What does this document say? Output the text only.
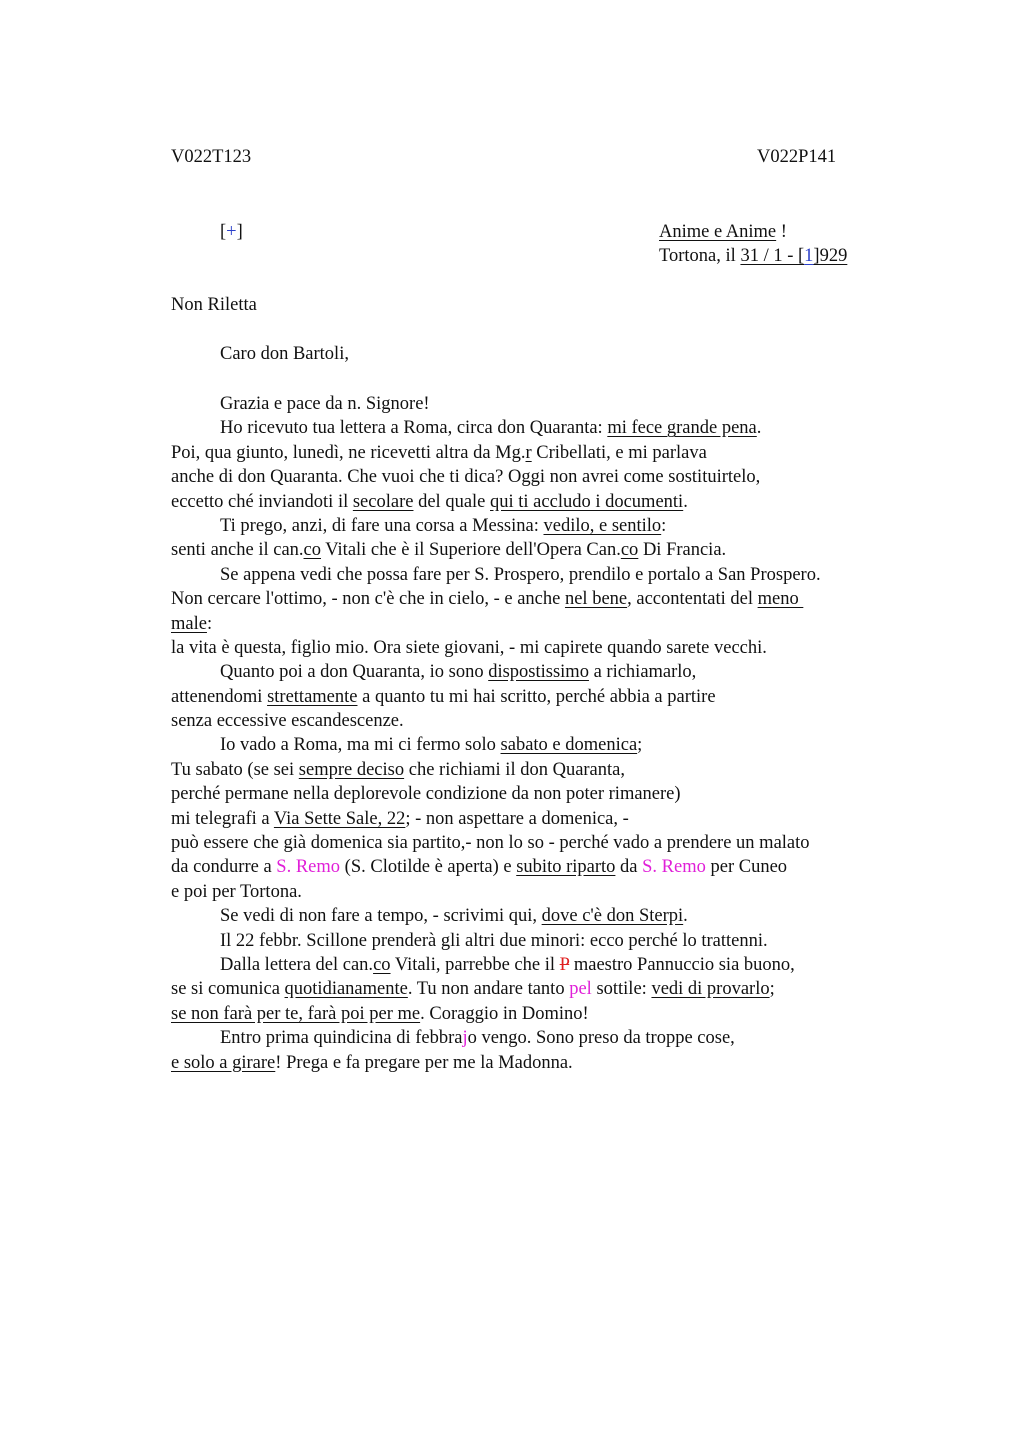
V022T123	V022P141
[+]	Anime e Anime !
Tortona, il 31 / 1 - [1]929
Non Riletta
Caro don Bartoli,
Grazia e pace da n. Signore!
Ho ricevuto tua lettera a Roma, circa don Quaranta: mi fece grande pena.
Poi, qua giunto, lunedì, ne ricevetti altra da Mg.r Cribellati, e mi parlava
anche di don Quaranta. Che vuoi che ti dica? Oggi non avrei come sostituirtelo,
eccetto ché inviandoti il secolare del quale qui ti accludo i documenti.
Ti prego, anzi, di fare una corsa a Messina: vedilo, e sentilo:
senti anche il can.co Vitali che è il Superiore dell'Opera Can.co Di Francia.
Se appena vedi che possa fare per S. Prospero, prendilo e portalo a San Prospero.
Non cercare l'ottimo, - non c'è che in cielo, - e anche nel bene, accontentati del meno
male:
la vita è questa, figlio mio. Ora siete giovani, - mi capirete quando sarete vecchi.
Quanto poi a don Quaranta, io sono dispostissimo a richiamarlo,
attenendomi strettamente a quanto tu mi hai scritto, perché abbia a partire
senza eccessive escandescenze.
Io vado a Roma, ma mi ci fermo solo sabato e domenica;
Tu sabato (se sei sempre deciso che richiami il don Quaranta,
perché permane nella deplorevole condizione da non poter rimanere)
mi telegrafi a Via Sette Sale, 22; - non aspettare a domenica, -
può essere che già domenica sia partito,- non lo so - perché vado a prendere un malato
da condurre a S. Remo (S. Clotilde è aperta) e subito riparto da S. Remo per Cuneo
e poi per Tortona.
Se vedi di non fare a tempo, - scrivimi qui, dove c'è don Sterpi.
Il 22 febbr. Scillone prenderà gli altri due minori: ecco perché lo trattenni.
Dalla lettera del can.co Vitali, parrebbe che il P maestro Pannuccio sia buono,
se si comunica quotidianamente. Tu non andare tanto pel sottile: vedi di provarlo;
se non farà per te, farà poi per me. Coraggio in Domino!
Entro prima quindicina di febbrajo vengo. Sono preso da troppe cose,
e solo a girare! Prega e fa pregare per me la Madonna.
